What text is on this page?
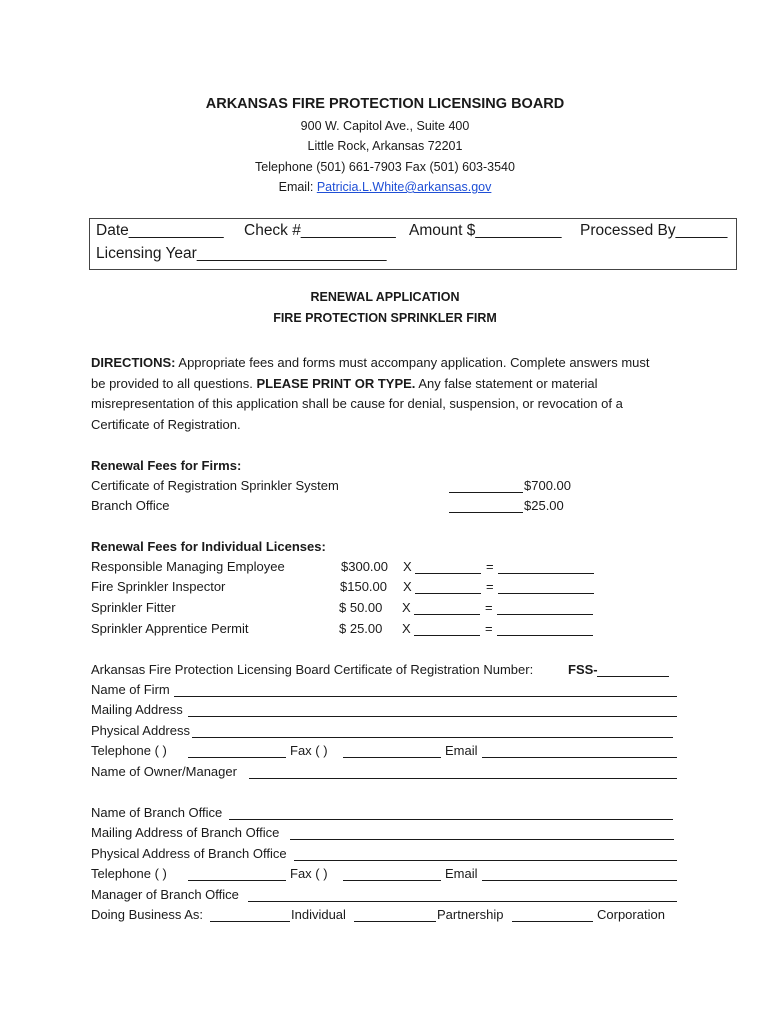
ARKANSAS FIRE PROTECTION LICENSING BOARD
900 W. Capitol Ave., Suite 400
Little Rock, Arkansas 72201
Telephone (501) 661-7903 Fax (501) 603-3540
Email: Patricia.L.White@arkansas.gov
Date___________ Check #___________ Amount $__________ Processed By______
Licensing Year______________________
RENEWAL APPLICATION
FIRE PROTECTION SPRINKLER FIRM
DIRECTIONS: Appropriate fees and forms must accompany application. Complete answers must
be provided to all questions. PLEASE PRINT OR TYPE. Any false statement or material
misrepresentation of this application shall be cause for denial, suspension, or revocation of a
Certificate of Registration.
Renewal Fees for Firms:
Certificate of Registration Sprinkler System	$700.00
Branch Office	$25.00
Renewal Fees for Individual Licenses:
Responsible Managing Employee	$300.00 X	=
Fire Sprinkler Inspector	$150.00 X	=
Sprinkler Fitter	$ 50.00 X	=
Sprinkler Apprentice Permit	$ 25.00 X	=
Arkansas Fire Protection Licensing Board Certificate of Registration Number:	FSS-
Name of Firm
Mailing Address
Physical Address
Telephone ( )	Fax ( )	Email
Name of Owner/Manager
Name of Branch Office
Mailing Address of Branch Office
Physical Address of Branch Office
Telephone ( )	Fax ( )	Email
Manager of Branch Office
Doing Business As:	Individual	Partnership	Corporation
